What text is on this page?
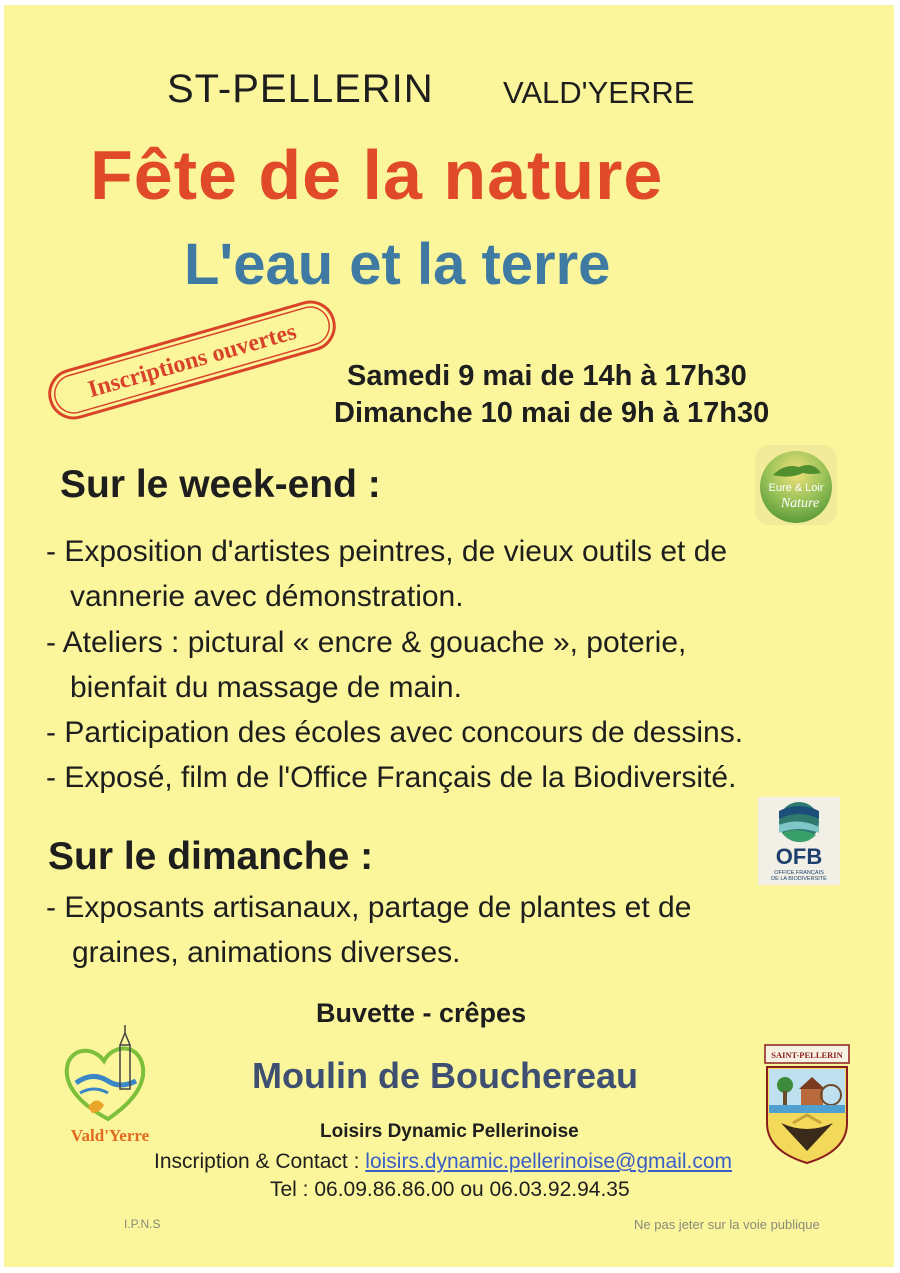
ST-PELLERIN VALD'YERRE
Fête de la nature
L'eau et la terre
Inscriptions ouvertes Samedi 9 mai de 14h à 17h30
Dimanche 10 mai de 9h à 17h30
Sur le week-end :
- Exposition d'artistes peintres, de vieux outils et de
vannerie avec démonstration.
- Ateliers : pictural « encre & gouache », poterie,
bienfait du massage de main.
- Participation des écoles avec concours de dessins.
- Exposé, film de l'Office Français de la Biodiversité.
Sur le dimanche :
- Exposants artisanaux, partage de plantes et de
graines, animations diverses.
Buvette - crêpes
Moulin de Bouchereau
Loisirs Dynamic Pellerinoise
Inscription & Contact : loisirs.dynamic.pellerinoise@gmail.com
Tel : 06.09.86.86.00 ou 06.03.92.94.35
I.P.N.S	Ne pas jeter sur la voie publique
Eure & Loir
Nature
OFB
OFFICE FRANÇAIS
DE LA BIODIVERSITÉ
Vald'Yerre
SAINT-PELLERIN
